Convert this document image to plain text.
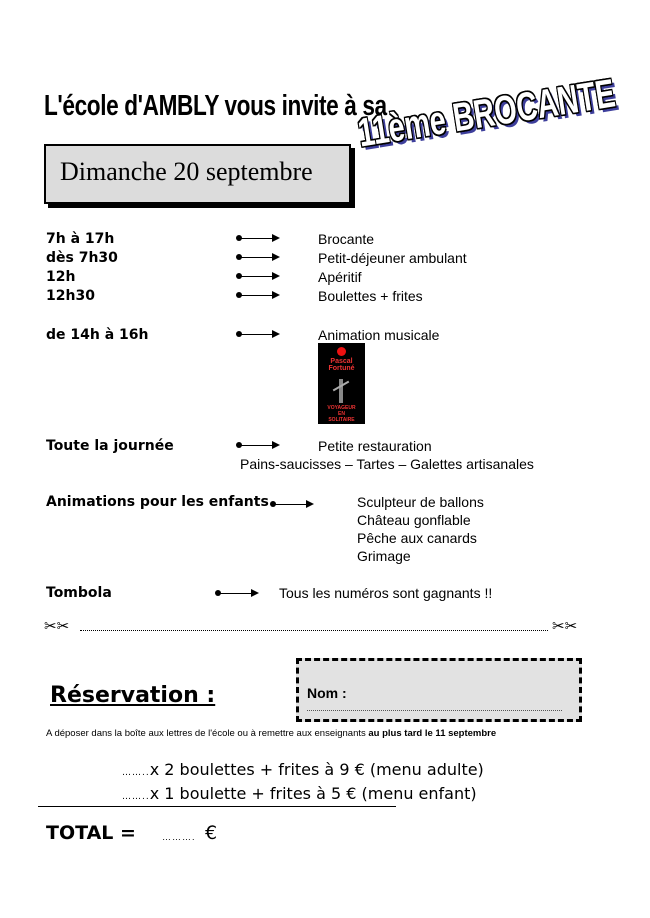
L'école d'AMBLY vous invite à sa
11ème BROCANTE
Dimanche 20 septembre
7h à 17h	Brocante
dès 7h30	Petit-déjeuner ambulant
12h	Apéritif
12h30	Boulettes + frites
de 14h à 16h	Animation musicale
Pascal
Fortuné
VOYAGEUR
EN
SOLITAIRE
Toute la journée	Petite restauration
Pains-saucisses – Tartes – Galettes artisanales
Animations pour les enfants	Sculpteur de ballons
Château gonflable
Pêche aux canards
Grimage
Tombola	Tous les numéros sont gagnants !!
✂✂	✂✂
Réservation :	Nom :
A déposer dans la boîte aux lettres de l'école ou à remettre aux enseignants au plus tard le 11 septembre
……..x 2 boulettes + frites à 9 € (menu adulte)
……..x 1 boulette + frites à 5 € (menu enfant)
TOTAL =	………. €
